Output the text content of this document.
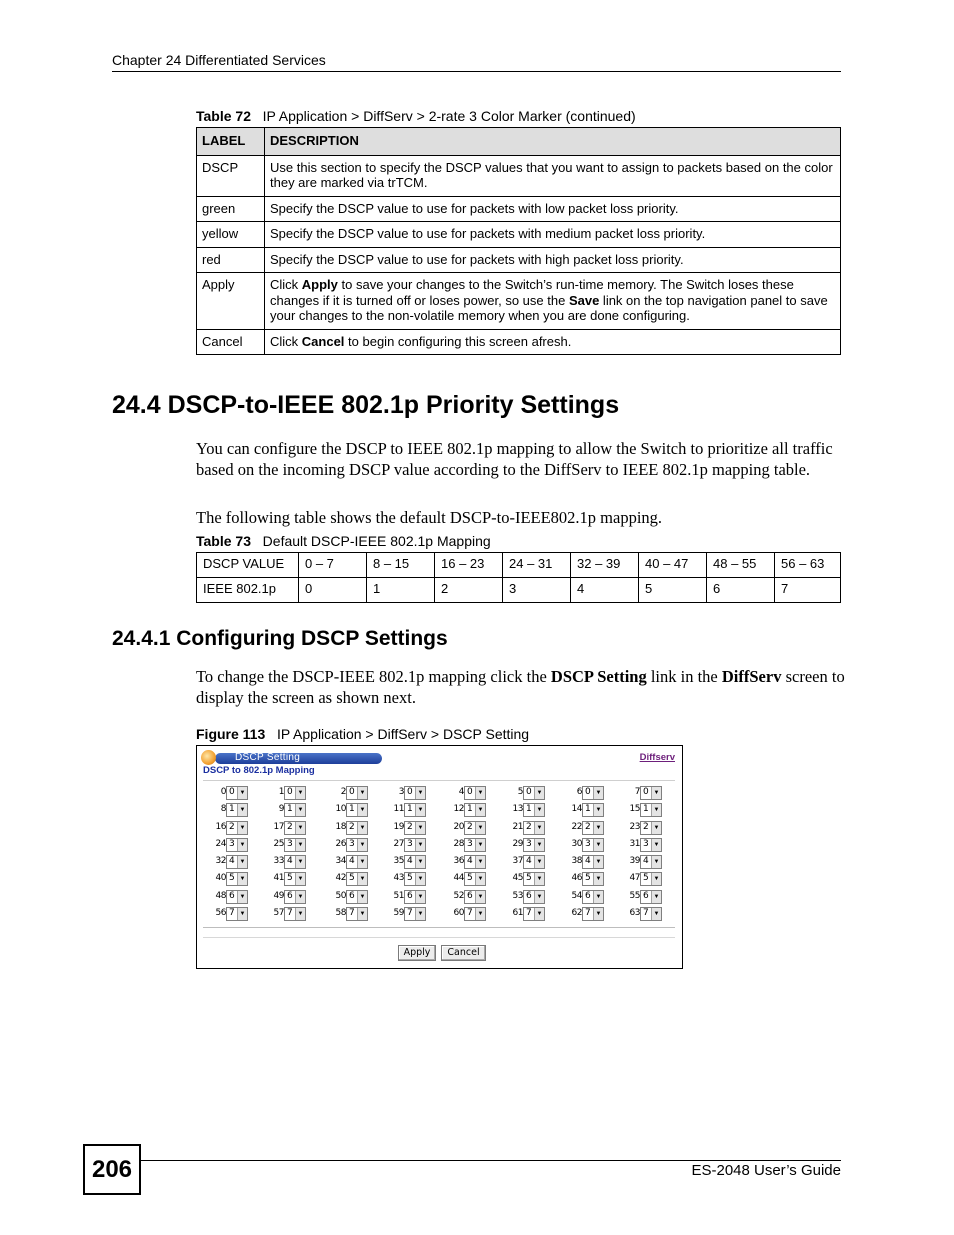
Chapter 24 Differentiated Services
Table 72 IP Application > DiffServ > 2-rate 3 Color Marker (continued)
LABEL	DESCRIPTION
DSCP	Use this section to specify the DSCP values that you want to assign to packets based on the color they are marked via trTCM.
green	Specify the DSCP value to use for packets with low packet loss priority.
yellow	Specify the DSCP value to use for packets with medium packet loss priority.
red	Specify the DSCP value to use for packets with high packet loss priority.
Apply	Click Apply to save your changes to the Switch’s run-time memory. The Switch loses these changes if it is turned off or loses power, so use the Save link on the top navigation panel to save your changes to the non-volatile memory when you are done configuring.
Cancel	Click Cancel to begin configuring this screen afresh.
24.4 DSCP-to-IEEE 802.1p Priority Settings

You can configure the DSCP to IEEE 802.1p mapping to allow the Switch to prioritize all traffic based on the incoming DSCP value according to the DiffServ to IEEE 802.1p mapping table.

The following table shows the default DSCP-to-IEEE802.1p mapping.

Table 73 Default DSCP-IEEE 802.1p Mapping
DSCP VALUE	0 – 7	8 – 15	16 – 23	24 – 31	32 – 39	40 – 47	48 – 55	56 – 63
IEEE 802.1p	0	1	2	3	4	5	6	7
24.4.1 Configuring DSCP Settings

To change the DSCP-IEEE 802.1p mapping click the DSCP Setting link in the DiffServ screen to display the screen as shown next.

Figure 113 IP Application > DiffServ > DSCP Setting
DSCP Setting	Diffserv
DSCP to 802.1p Mapping
0 0 ▼	1 0 ▼	2 0 ▼	3 0 ▼	4 0 ▼	5 0 ▼	6 0 ▼	7 0 ▼
8 1 ▼	9 1 ▼	10 1 ▼	11 1 ▼	12 1 ▼	13 1 ▼	14 1 ▼	15 1 ▼
16 2 ▼	17 2 ▼	18 2 ▼	19 2 ▼	20 2 ▼	21 2 ▼	22 2 ▼	23 2 ▼
24 3 ▼	25 3 ▼	26 3 ▼	27 3 ▼	28 3 ▼	29 3 ▼	30 3 ▼	31 3 ▼
32 4 ▼	33 4 ▼	34 4 ▼	35 4 ▼	36 4 ▼	37 4 ▼	38 4 ▼	39 4 ▼
40 5 ▼	41 5 ▼	42 5 ▼	43 5 ▼	44 5 ▼	45 5 ▼	46 5 ▼	47 5 ▼
48 6 ▼	49 6 ▼	50 6 ▼	51 6 ▼	52 6 ▼	53 6 ▼	54 6 ▼	55 6 ▼
56 7 ▼	57 7 ▼	58 7 ▼	59 7 ▼	60 7 ▼	61 7 ▼	62 7 ▼	63 7 ▼
Apply	Cancel
206	ES-2048 User’s Guide
